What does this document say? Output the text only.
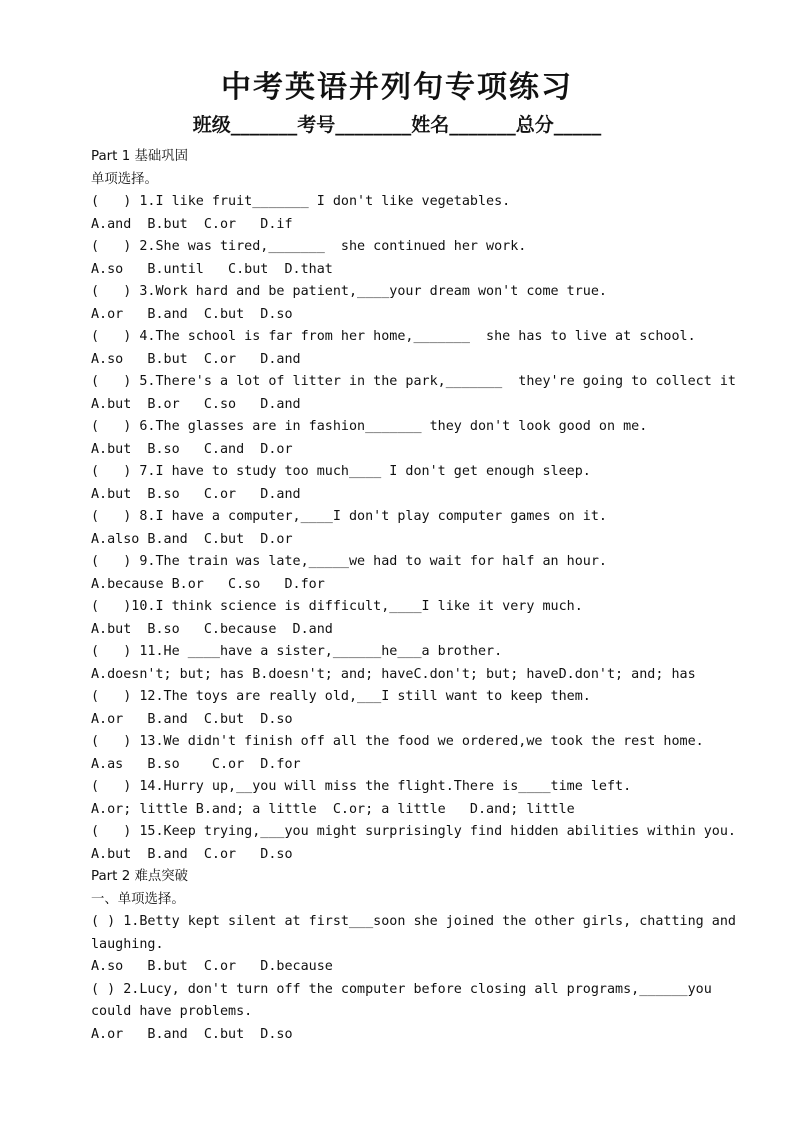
中考英语并列句专项练习
班级_______考号________姓名_______总分_____
Part 1 基础巩固
单项选择。
(   ) 1.I like fruit_______ I don't like vegetables.
A.and  B.but  C.or   D.if
(   ) 2.She was tired,_______  she continued her work.
A.so   B.until   C.but  D.that
(   ) 3.Work hard and be patient,____your dream won't come true.
A.or   B.and  C.but  D.so
(   ) 4.The school is far from her home,_______  she has to live at school.
A.so   B.but  C.or   D.and
(   ) 5.There's a lot of litter in the park,_______  they're going to collect it
A.but  B.or   C.so   D.and
(   ) 6.The glasses are in fashion_______ they don't look good on me.
A.but  B.so   C.and  D.or
(   ) 7.I have to study too much____ I don't get enough sleep.
A.but  B.so   C.or   D.and
(   ) 8.I have a computer,____I don't play computer games on it.
A.also B.and  C.but  D.or
(   ) 9.The train was late,_____we had to wait for half an hour.
A.because B.or   C.so   D.for
(   )10.I think science is difficult,____I like it very much.
A.but  B.so   C.because  D.and
(   ) 11.He ____have a sister,______he___a brother.
A.doesn't; but; has B.doesn't; and; haveC.don't; but; haveD.don't; and; has
(   ) 12.The toys are really old,___I still want to keep them.
A.or   B.and  C.but  D.so
(   ) 13.We didn't finish off all the food we ordered,we took the rest home.
A.as   B.so    C.or  D.for
(   ) 14.Hurry up,__you will miss the flight.There is____time left.
A.or; little B.and; a little  C.or; a little   D.and; little
(   ) 15.Keep trying,___you might surprisingly find hidden abilities within you.
A.but  B.and  C.or   D.so
Part 2 难点突破
一、单项选择。
( ) 1.Betty kept silent at first___soon she joined the other girls, chatting and laughing.
A.so   B.but  C.or   D.because
( ) 2.Lucy, don't turn off the computer before closing all programs,______you could have problems.
A.or   B.and  C.but  D.so
